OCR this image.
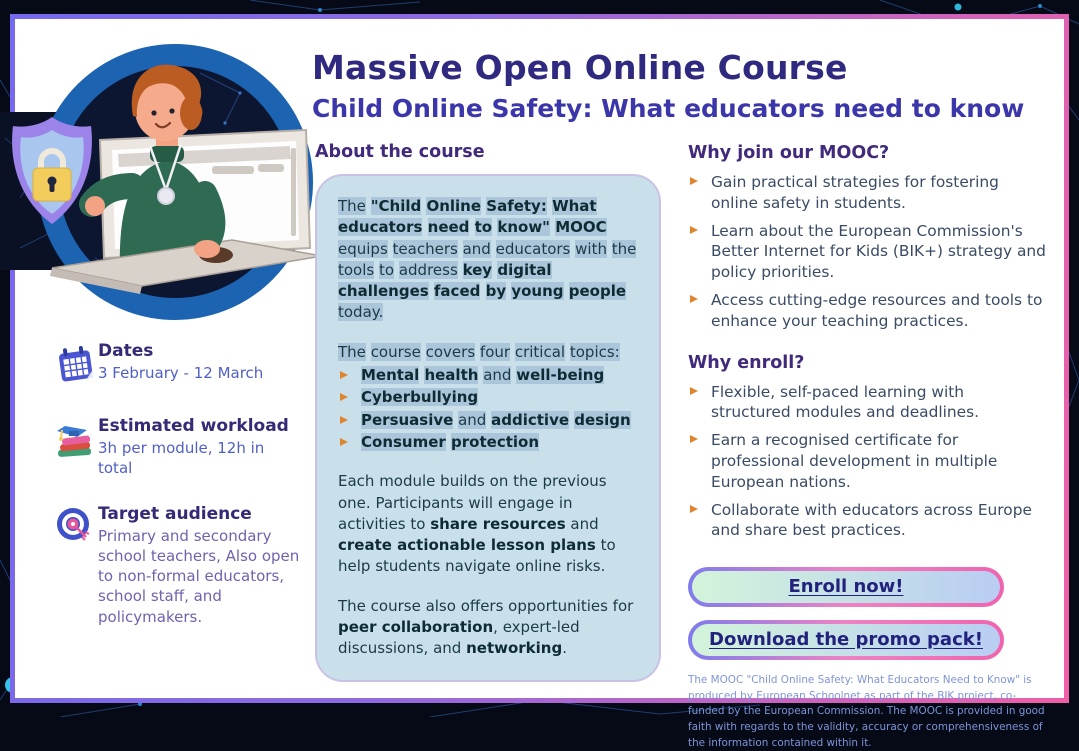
Massive Open Online Course
Child Online Safety: What educators need to know
Dates
3 February - 12 March
Estimated workload
3h per module, 12h in total
Target audience
Primary and secondary school teachers, Also open to non-formal educators, school staff, and policymakers.
About the course

The "Child Online Safety: What educators need to know" MOOC equips teachers and educators with the tools to address key digital challenges faced by young people today.

The course covers four critical topics:

Mental health and well-being
Cyberbullying
Persuasive and addictive design
Consumer protection

Each module builds on the previous one. Participants will engage in activities to share resources and create actionable lesson plans to help students navigate online risks.

The course also offers opportunities for peer collaboration, expert-led discussions, and networking.

Why join our MOOC?
Gain practical strategies for fostering online safety in students.
Learn about the European Commission's Better Internet for Kids (BIK+) strategy and policy priorities.
Access cutting-edge resources and tools to enhance your teaching practices.
Why enroll?
Flexible, self-paced learning with structured modules and deadlines.
Earn a recognised certificate for professional development in multiple European nations.
Collaborate with educators across Europe and share best practices.
Enroll now!
Download the promo pack!
The MOOC "Child Online Safety: What Educators Need to Know" is produced by European Schoolnet as part of the BIK project, co-funded by the European Commission. The MOOC is provided in good faith with regards to the validity, accuracy or comprehensiveness of the information contained within it.
